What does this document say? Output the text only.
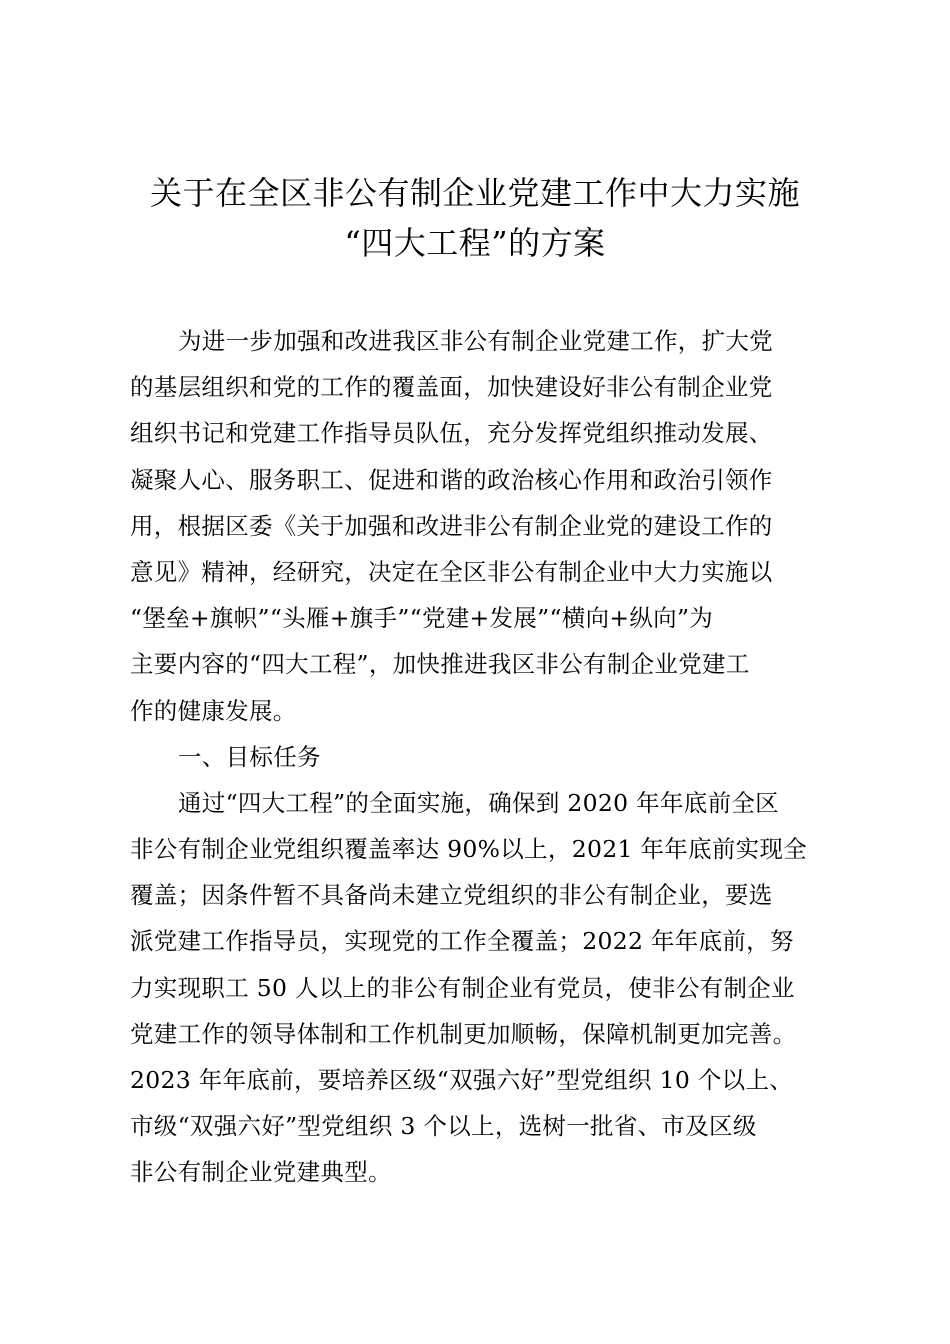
关于在全区非公有制企业党建工作中大力实施
“四大工程”的方案
为进一步加强和改进我区非公有制企业党建工作，扩大党
的基层组织和党的工作的覆盖面，加快建设好非公有制企业党
组织书记和党建工作指导员队伍，充分发挥党组织推动发展、
凝聚人心、服务职工、促进和谐的政治核心作用和政治引领作
用，根据区委《关于加强和改进非公有制企业党的建设工作的
意见》精神，经研究，决定在全区非公有制企业中大力实施以
“堡垒+旗帜”“头雁+旗手”“党建+发展”“横向+纵向”为
主要内容的“四大工程”，加快推进我区非公有制企业党建工
作的健康发展。
一、目标任务
通过“四大工程”的全面实施，确保到 2020 年年底前全区
非公有制企业党组织覆盖率达 90%以上，2021 年年底前实现全
覆盖；因条件暂不具备尚未建立党组织的非公有制企业，要选
派党建工作指导员，实现党的工作全覆盖；2022 年年底前，努
力实现职工 50 人以上的非公有制企业有党员，使非公有制企业
党建工作的领导体制和工作机制更加顺畅，保障机制更加完善。
2023 年年底前，要培养区级“双强六好”型党组织 10 个以上、
市级“双强六好”型党组织 3 个以上，选树一批省、市及区级
非公有制企业党建典型。
